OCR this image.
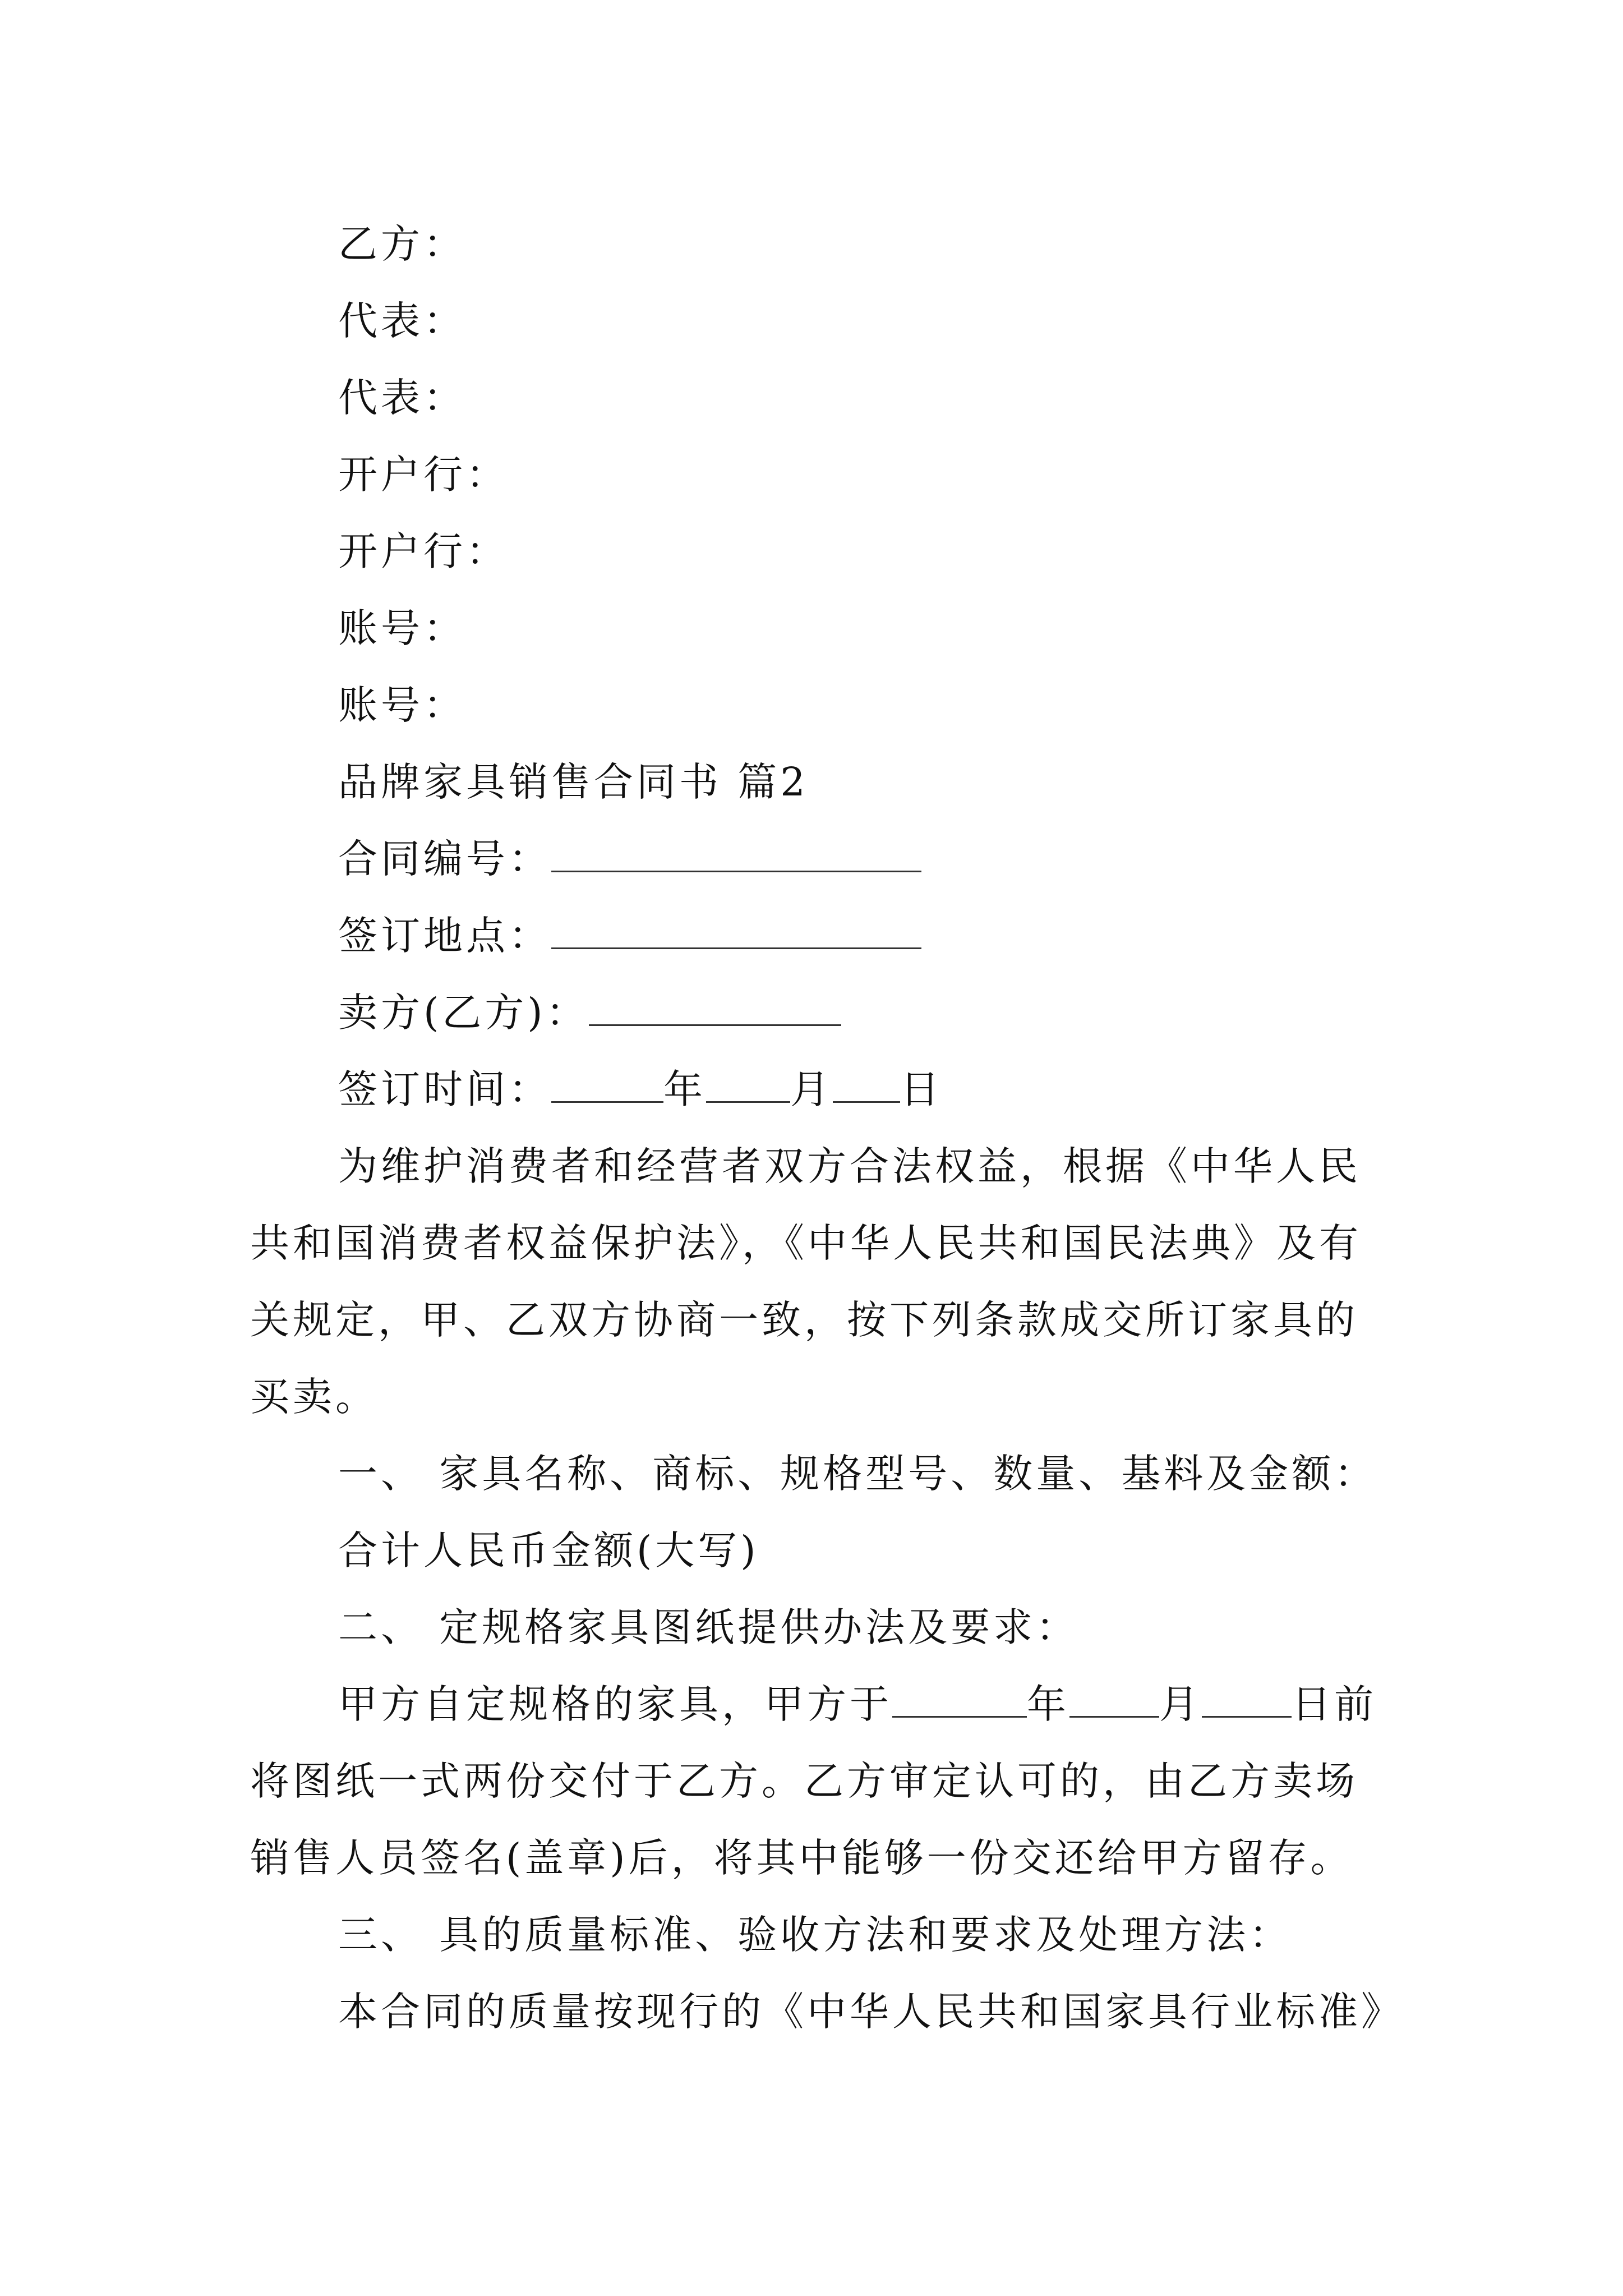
乙方：
代表：
代表：
开户行：
开户行：
账号：
账号：
品牌家具销售合同书 篇2
合同编号：
签订地点：
卖方(乙方)：
签订时间：	年 月 日
为维护消费者和经营者双方合法权益，根据《中华人民
共和国消费者权益保护法》，《中华人民共和国民法典》及有
关规定，甲、乙双方协商一致，按下列条款成交所订家具的
买卖。
一、 家具名称、商标、规格型号、数量、基料及金额：
合计人民币金额(大写)
二、 定规格家具图纸提供办法及要求：
甲方自定规格的家具，甲方于	年 月 日前
将图纸一式两份交付于乙方。乙方审定认可的，由乙方卖场
销售人员签名(盖章)后，将其中能够一份交还给甲方留存。
三、 具的质量标准、验收方法和要求及处理方法：
本合同的质量按现行的《中华人民共和国家具行业标准》
